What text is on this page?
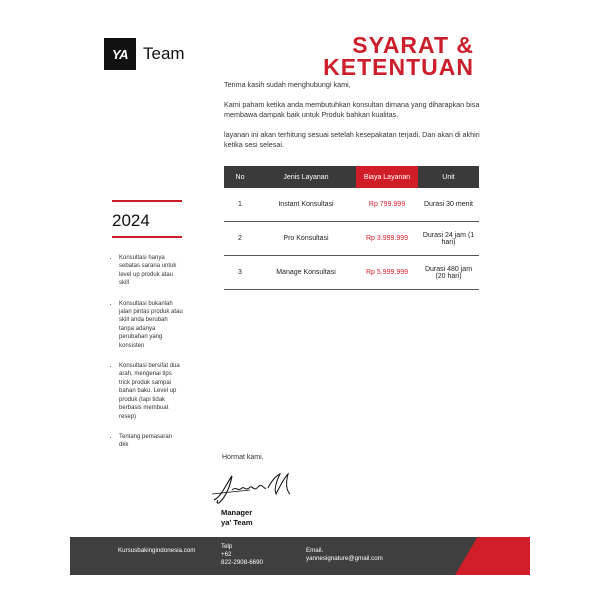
YA Team	SYARAT &
KETENTUAN

Terima kasih sudah menghubungi kami,

Kami paham ketika anda membutuhkan konsultan dimana yang diharapkan bisa membawa dampak baik untuk Produk bahkan kualitas.

layanan ini akan terhitung sesuai setelah kesepakatan terjadi. Dan akan di akhiri ketika sesi selesai.

2024
• Konsultasi hanya sebatas sarana untuk level up produk atau skill
• Konsultasi bukanlah jalan pintas produk atau skill anda berubah tanpa adanya perubahan yang konsisten
• Konsultasi bersifat dua arah, mengenai tips trick produk sampai bahan baku. Level up produk (tapi tidak berbasis membuat resep)
• Tentang pemasaran dkk
No	Jenis Layanan	Biaya Layanan	Unit
1	Instant Konsultasi	Rp 799.999	Durasi 30 menit
2	Pro Konsultasi	Rp 3.999.999	Durasi 24 jam (1 hari)
3	Manage Konsultasi	Rp 5.999.999	Durasi 480 jam (20 hari)
Hormat kami,
Manager
ya' Team
Kursusbakingindonesia.com
Telp
+62
822-2908-6690
Email.
yannesignature@gmail.com
